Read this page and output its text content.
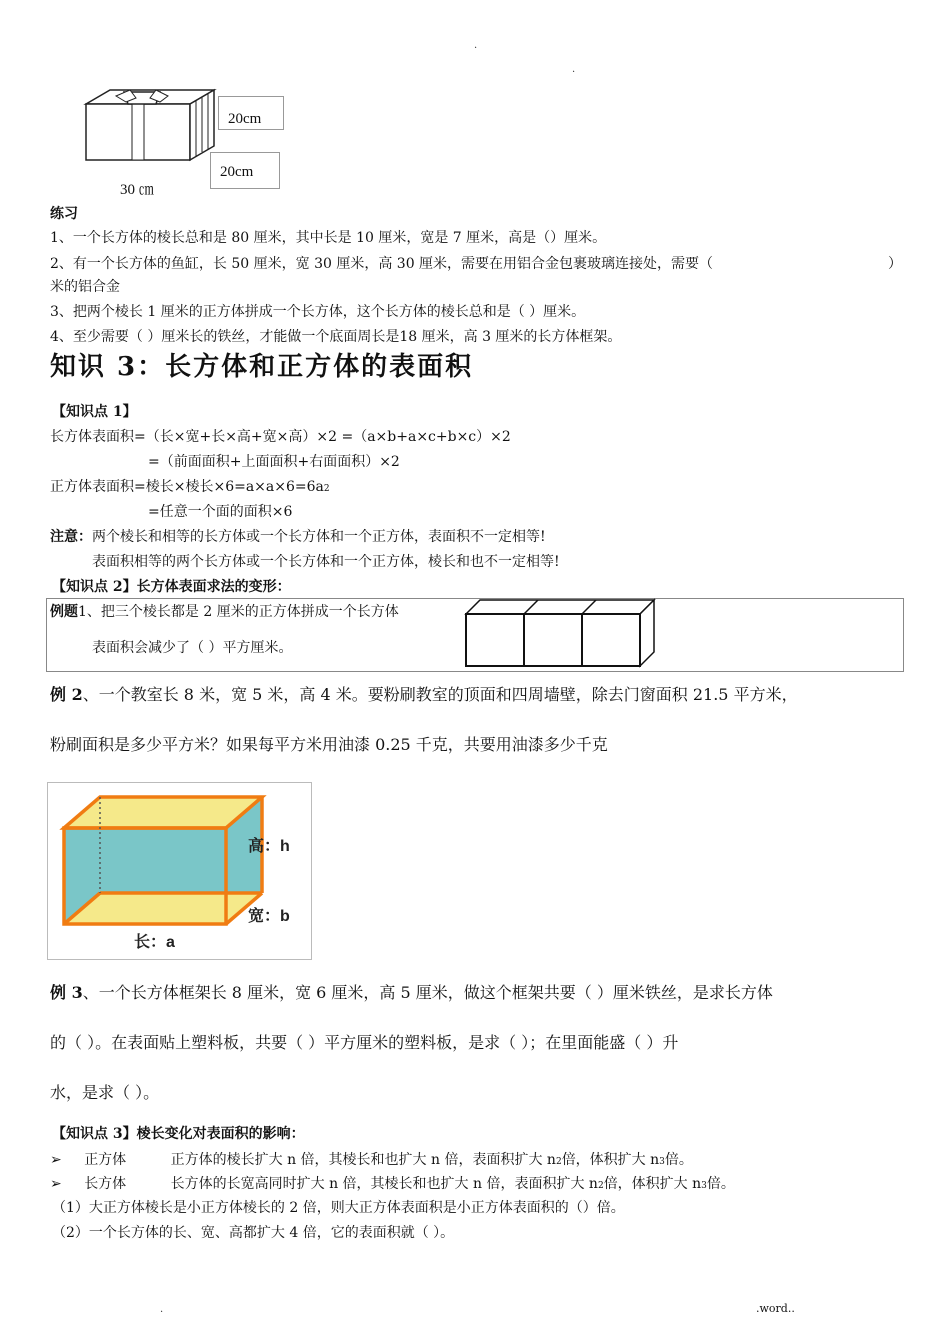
.
.
20cm
20cm
30 ㎝
练习
1、一个长方体的棱长总和是 80 厘米，其中长是 10 厘米，宽是 7 厘米，高是（）厘米。
2、有一个长方体的鱼缸，长 50 厘米，宽 30 厘米，高 30 厘米，需要在用铝合金包裹玻璃连接处，需要（	）
米的铝合金
3、把两个棱长 1 厘米的正方体拼成一个长方体，这个长方体的棱长总和是（ ）厘米。
4、至少需要（ ）厘米长的铁丝，才能做一个底面周长是18 厘米，高 3 厘米的长方体框架。
知识 3：长方体和正方体的表面积
【知识点 1】
长方体表面积=（长×宽+长×高+宽×高）×2 =（a×b+a×c+b×c）×2
=（前面面积+上面面积+右面面积）×2
正方体表面积=棱长×棱长×6=a×a×6=6a2
=任意一个面的面积×6
注意：两个棱长和相等的长方体或一个长方体和一个正方体，表面积不一定相等!
表面积相等的两个长方体或一个长方体和一个正方体，棱长和也不一定相等!
【知识点 2】长方体表面求法的变形：
例题1、把三个棱长都是 2 厘米的正方体拼成一个长方体
表面积会减少了（ ）平方厘米。
例 2、一个教室长 8 米，宽 5 米，高 4 米。要粉刷教室的顶面和四周墙壁，除去门窗面积 21.5 平方米，
粉刷面积是多少平方米？如果每平方米用油漆 0.25 千克，共要用油漆多少千克
高：h
宽：b
长：a
例 3、一个长方体框架长 8 厘米，宽 6 厘米，高 5 厘米，做这个框架共要（ ）厘米铁丝，是求长方体
的（ ）。在表面贴上塑料板，共要（ ）平方厘米的塑料板，是求（ ）；在里面能盛（ ）升
水，是求（ ）。
【知识点 3】棱长变化对表面积的影响：
➢ 正方体	正方体的棱长扩大 n 倍，其棱长和也扩大 n 倍，表面积扩大 n2倍，体积扩大 n3倍。
➢ 长方体	长方体的长宽高同时扩大 n 倍，其棱长和也扩大 n 倍，表面积扩大 n2倍，体积扩大 n3倍。
（1）大正方体棱长是小正方体棱长的 2 倍，则大正方体表面积是小正方体表面积的（）倍。
（2）一个长方体的长、宽、高都扩大 4 倍，它的表面积就（ ）。
.	.word..
